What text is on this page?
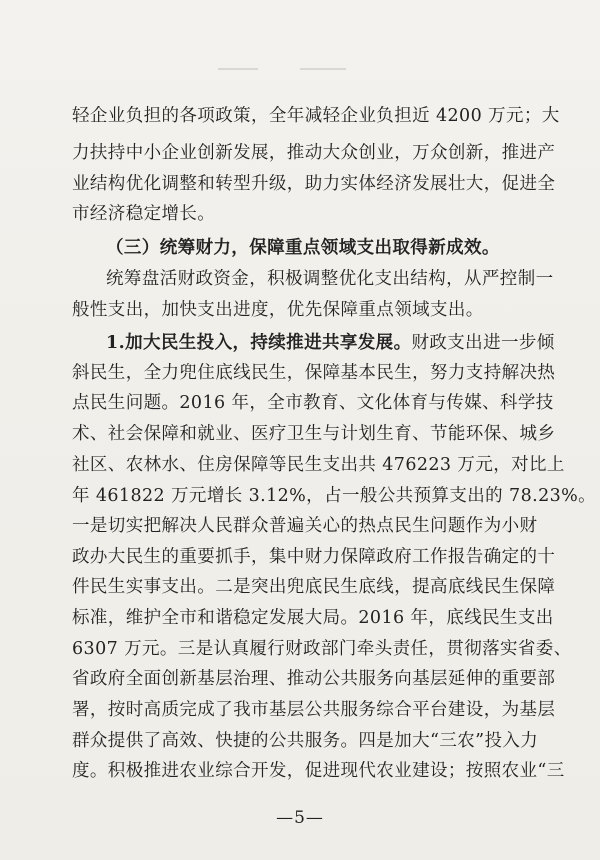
轻企业负担的各项政策，全年减轻企业负担近 4200 万元；大
力扶持中小企业创新发展，推动大众创业，万众创新，推进产
业结构优化调整和转型升级，助力实体经济发展壮大，促进全
市经济稳定增长。
（三）统筹财力，保障重点领域支出取得新成效。
统筹盘活财政资金，积极调整优化支出结构，从严控制一
般性支出，加快支出进度，优先保障重点领域支出。
1.加大民生投入，持续推进共享发展。财政支出进一步倾
斜民生，全力兜住底线民生，保障基本民生，努力支持解决热
点民生问题。2016 年，全市教育、文化体育与传媒、科学技
术、社会保障和就业、医疗卫生与计划生育、节能环保、城乡
社区、农林水、住房保障等民生支出共 476223 万元，对比上
年 461822 万元增长 3.12%，占一般公共预算支出的 78.23%。
一是切实把解决人民群众普遍关心的热点民生问题作为小财
政办大民生的重要抓手，集中财力保障政府工作报告确定的十
件民生实事支出。二是突出兜底民生底线，提高底线民生保障
标准，维护全市和谐稳定发展大局。2016 年，底线民生支出
6307 万元。三是认真履行财政部门牵头责任，贯彻落实省委、
省政府全面创新基层治理、推动公共服务向基层延伸的重要部
署，按时高质完成了我市基层公共服务综合平台建设，为基层
群众提供了高效、快捷的公共服务。四是加大“三农”投入力
度。积极推进农业综合开发，促进现代农业建设；按照农业“三
—5—
